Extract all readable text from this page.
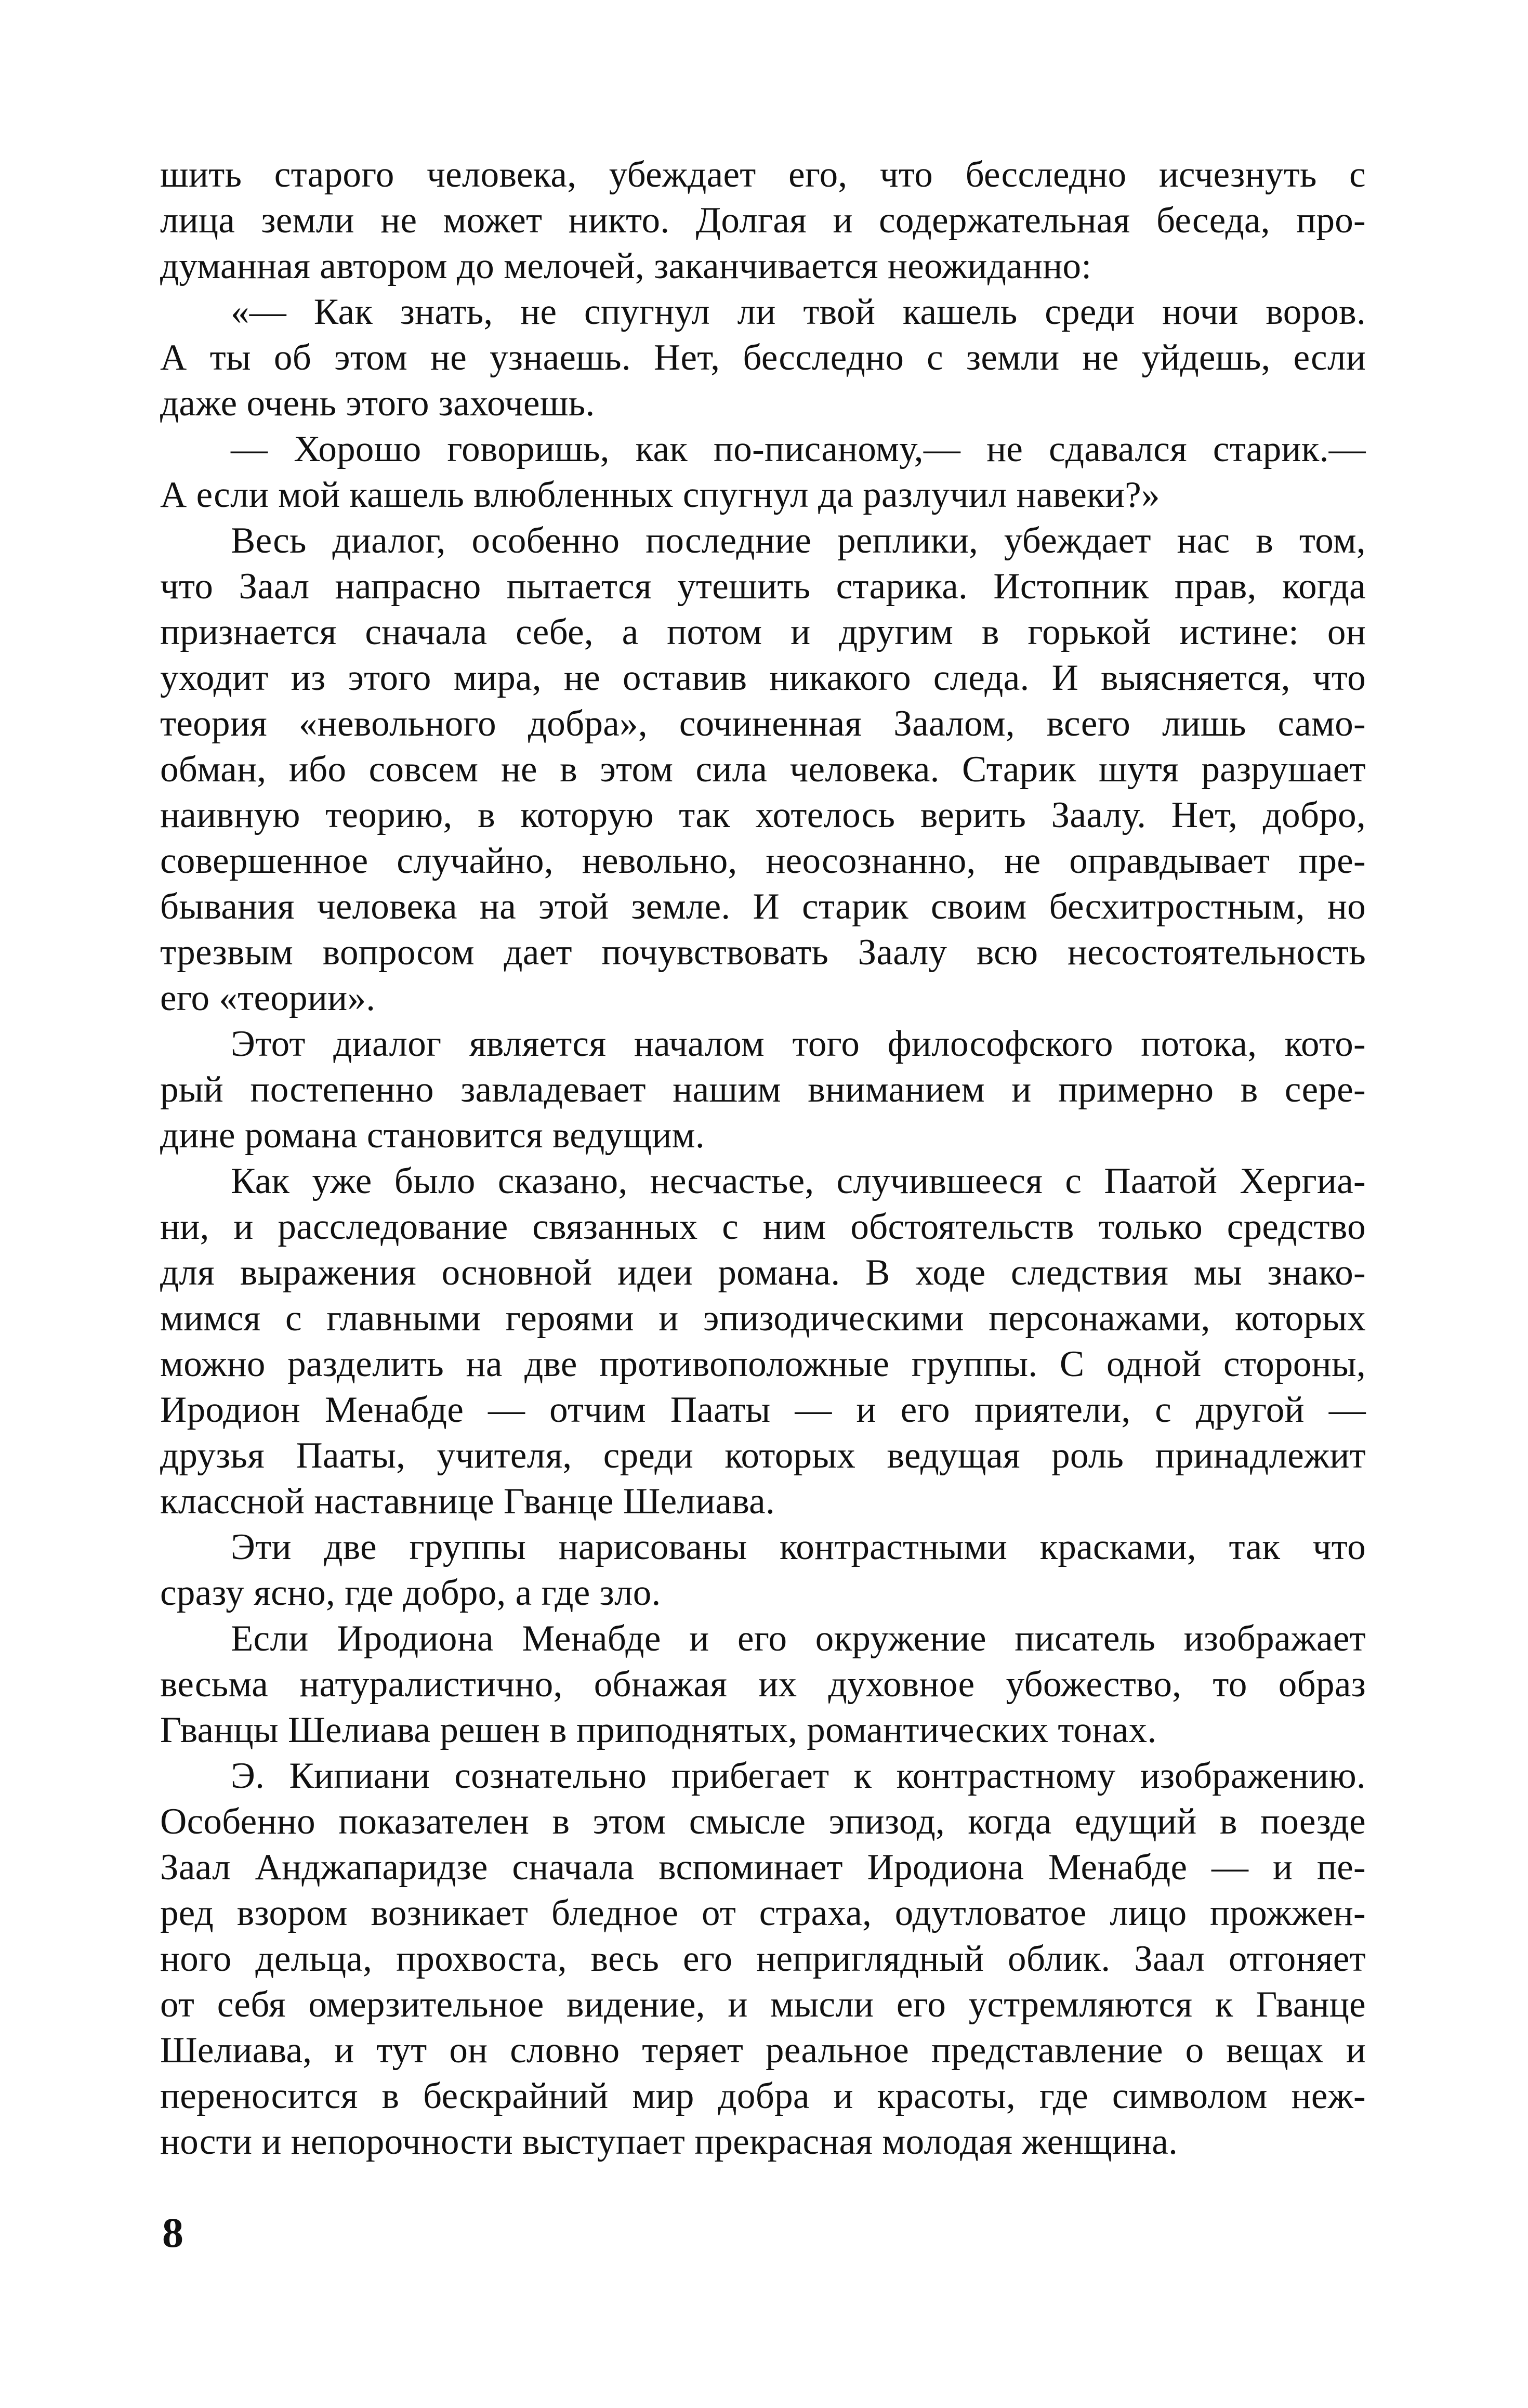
шить старого человека, убеждает его, что бесследно исчезнуть с
лица земли не может никто. Долгая и содержательная беседа, про-
думанная автором до мелочей, заканчивается неожиданно:
«— Как знать, не спугнул ли твой кашель среди ночи воров.
А ты об этом не узнаешь. Нет, бесследно с земли не уйдешь, если
даже очень этого захочешь.
— Хорошо говоришь, как по-писаному,— не сдавался старик.—
А если мой кашель влюбленных спугнул да разлучил навеки?»
Весь диалог, особенно последние реплики, убеждает нас в том,
что Заал напрасно пытается утешить старика. Истопник прав, когда
признается сначала себе, а потом и другим в горькой истине: он
уходит из этого мира, не оставив никакого следа. И выясняется, что
теория «невольного добра», сочиненная Заалом, всего лишь само-
обман, ибо совсем не в этом сила человека. Старик шутя разрушает
наивную теорию, в которую так хотелось верить Заалу. Нет, добро,
совершенное случайно, невольно, неосознанно, не оправдывает пре-
бывания человека на этой земле. И старик своим бесхитростным, но
трезвым вопросом дает почувствовать Заалу всю несостоятельность
его «теории».
Этот диалог является началом того философского потока, кото-
рый постепенно завладевает нашим вниманием и примерно в сере-
дине романа становится ведущим.
Как уже было сказано, несчастье, случившееся с Паатой Хергиа-
ни, и расследование связанных с ним обстоятельств только средство
для выражения основной идеи романа. В ходе следствия мы знако-
мимся с главными героями и эпизодическими персонажами, которых
можно разделить на две противоположные группы. С одной стороны,
Иродион Менабде — отчим Пааты — и его приятели, с другой —
друзья Пааты, учителя, среди которых ведущая роль принадлежит
классной наставнице Гванце Шелиава.
Эти две группы нарисованы контрастными красками, так что
сразу ясно, где добро, а где зло.
Если Иродиона Менабде и его окружение писатель изображает
весьма натуралистично, обнажая их духовное убожество, то образ
Гванцы Шелиава решен в приподнятых, романтических тонах.
Э. Кипиани сознательно прибегает к контрастному изображению.
Особенно показателен в этом смысле эпизод, когда едущий в поезде
Заал Анджапаридзе сначала вспоминает Иродиона Менабде — и пе-
ред взором возникает бледное от страха, одутловатое лицо прожжен-
ного дельца, прохвоста, весь его неприглядный облик. Заал отгоняет
от себя омерзительное видение, и мысли его устремляются к Гванце
Шелиава, и тут он словно теряет реальное представление о вещах и
переносится в бескрайний мир добра и красоты, где символом неж-
ности и непорочности выступает прекрасная молодая женщина.
8
